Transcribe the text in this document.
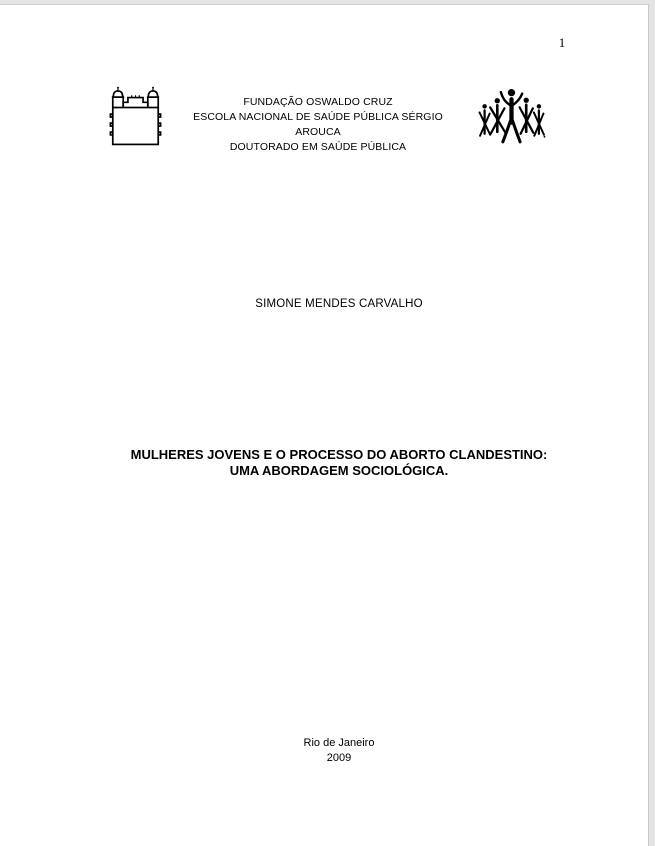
1
FUNDAÇÃO OSWALDO CRUZ
ESCOLA NACIONAL DE SAÚDE PÚBLICA SÉRGIO
AROUCA
DOUTORADO EM SAÚDE PÚBLICA
SIMONE MENDES CARVALHO
MULHERES JOVENS E O PROCESSO DO ABORTO CLANDESTINO:
UMA ABORDAGEM SOCIOLÓGICA.
Rio de Janeiro
2009
